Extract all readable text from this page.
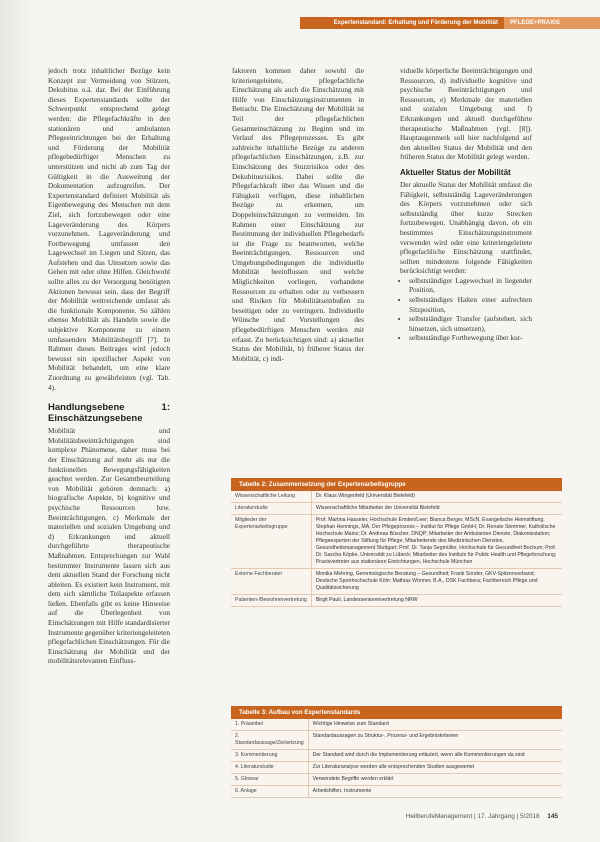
Expertenstandard: Erhaltung und Förderung der Mobilität	PFLEGE+PRAXIS

jedoch trotz inhaltlicher Bezüge kein Konzept zur Vermeidung von Stürzen, Dekubitus o.ä. dar. Bei der Einführung dieses Expertenstandards sollte der Schwerpunkt entsprechend gelegt werden: die Pflegefachkräfte in den stationären und ambulanten Pflegeeinrichtungen bei der Erhaltung und Förderung der Mobilität pflegebedürftiger Menschen zu unterstützen und nicht ab zum Tag der Gültigkeit in die Ausweitung der Dokumentation aufzugreifen. Der Expertenstandard definiert Mobilität als Eigenbewegung des Menschen mit dem Ziel, sich fortzubewegen oder eine Lageveränderung des Körpers vorzunehmen. Lageveränderung und Fortbewegung umfassen den Lagewechsel im Liegen und Sitzen, das Aufstehen und das Umsetzen sowie das Gehen mit oder ohne Hilfen. Gleichwohl sollte alles zu der Versorgung benötigten Aktionen bewusst sein, dass der Begriff der Mobilität weitreichende umfasst als die funktionale Komponente. So zählen ebenso Mobilität als Handeln sowie die subjektive Komponente zu einem umfassenden Mobilitätsbegriff [7]. In Rahmen dieses Beitrages wird jedoch bewusst ein spezifischer Aspekt von Mobilität behandelt, um eine klare Zuordnung zu gewährleisten (vgl. Tab. 4).

Handlungsebene 1: Einschätzungsebene

Mobilität und Mobilitätsbeeinträchtigungen sind komplexe Phänomene, daher muss bei der Einschätzung auf mehr als nur die funktionellen Bewegungsfähigkeiten geachtet werden. Zur Gesamtbeurteilung von Mobilität gehören demnach: a) biografische Aspekte, b) kognitive und psychische Ressourcen bzw. Beeinträchtigungen, c) Merkmale der materiellen und sozialen Umgebung und d) Erkrankungen und aktuell durchgeführte therapeutische Maßnahmen. Entsprechungen zur Wahl bestimmter Instrumente lassen sich aus dem aktuellen Stand der Forschung nicht ableiten. Es existiert kein Instrument, mit dem sich sämtliche Teilaspekte erfassen ließen. Ebenfalls gibt es keine Hinweise auf die Überlegenheit von Einschätzungen mit Hilfe standardisierter Instrumente gegenüber kriteriengeleiteten pflegefachlichen Einschätzungen. Für die Einschätzung der Mobilität und der mobilitätsrelevanten Einfluss-

faktoren kommen daher sowohl die kriteriengeleitete, pflegefachliche Einschätzung als auch die Einschätzung mit Hilfe von Einschätzungsinstrumenten in Betracht. Die Einschätzung der Mobilität ist Teil der pflegefachlichen Gesamteinschätzung zu Beginn und im Verlauf des Pflegeprozesses. Es gibt zahlreiche inhaltliche Bezüge zu anderen pflegefachlichen Einschätzungen, z.B. zur Einschätzung des Sturzrisikos oder des Dekubitusrisikos. Dabei sollte die Pflegefachkraft über das Wissen und die Fähigkeit verfügen, diese inhaltlichen Bezüge zu erkennen, um Doppeleinschätzungen zu vermeiden. Im Rahmen einer Einschätzung zur Bestimmung der individuellen Pflegebedarfs ist die Frage zu beantworten, welche Beeinträchtigungen, Ressourcen und Umgebungsbedingungen die individuelle Mobilität beeinflussen und welche Möglichkeiten vorliegen, vorhandene Ressourcen zu erhalten oder zu verbessern und Risiken für Mobilitätseinbußen zu beseitigen oder zu verringern. Individuelle Wünsche und Vorstellungen des pflegebedürftigen Menschen werden mit erfasst. Zu berücksichtigen sind: a) aktueller Status der Mobilität, b) früherer Status der Mobilität, c) indi-

viduelle körperliche Beeinträchtigungen und Ressourcen, d) individuelle kognitive und psychische Beeinträchtigungen und Ressourcen, e) Merkmale der materiellen und sozialen Umgebung und f) Erkrankungen und aktuell durchgeführte therapeutische Maßnahmen (vgl. [8]). Hauptaugenmerk soll hier nachfolgend auf den aktuellen Status der Mobilität und den früheren Status der Mobilität gelegt werden.

Aktueller Status der Mobilität

Der aktuelle Status der Mobilität umfasst die Fähigkeit, selbstständig Lageveränderungen des Körpers vorzunehmen oder sich selbstständig über kurze Strecken fortzubewegen. Unabhängig davon, ob ein bestimmtes Einschätzungsinstrument verwendet wird oder eine kriteriengeleitete pflegefachliche Einschätzung stattfindet, sollten mindestens folgende Fähigkeiten berücksichtigt werden:

• selbstständiger Lagewechsel in liegender Position,
• selbstständiges Halten einer aufrechten Sitzposition,
• selbstständiger Transfer (aufstehen, sich hinsetzen, sich umsetzen),
• selbstständige Fortbewegung über kur-
Tabelle 2: Zusammensetzung der Expertenarbeitsgruppe
Wissenschaftliche Leitung	Dr. Klaus Wingenfeld (Universität Bielefeld)
Literaturstudie	Wissenschaftliche Mitarbeiter der Universität Bielefeld
Mitglieder der Expertenarbeitsgruppe	Prof. Martina Hasseler, Hochschule Emden/Leer; Bianca Berger, MScN, Evangelische Heimstiftung; Stephan Hennings, MA, Der Pflegeprozess – Institut für Pflege GmbH; Dr. Renate Stemmer, Katholische Hochschule Mainz; Dr. Andreas Büscher, DNQP; Mitarbeiter der Ambulanten Dienste, Diakoniestation; Pflegeexperten der Stiftung für Pflege; Mitarbeitende des Medizinischen Dienstes, Gesundheitsmanagement Stuttgart; Prof. Dr. Tanja Segmüller, Hochschule für Gesundheit Bochum; Prof. Dr. Sascha Köpke, Universität zu Lübeck; Mitarbeiter des Instituts für Public Health und Pflegeforschung; Praxisvertreter aus stationären Einrichtungen, Hochschule München
Externe Fachberater	Monika Mehring, Gerontologische Beratung – Gesundheit; Frank Sonder, GKV-Spitzenverband; Deutsche Sporthochschule Köln; Mathias Wörmer, B.A., DSK Fachbera; Fachbereich Pflege und Qualitätssicherung
Patienten-/Bewohnervertretung	Birgit Pauli, Landesseniorenvertretung NRW
Tabelle 3: Aufbau von Expertenstandards
1. Präambel	Wichtige Hinweise zum Standard
2. Standardaussage/Zielsetzung	Standardaussagen zu Struktur-, Prozess- und Ergebniskriterien
3. Kommentierung	Der Standard wird durch die Implementierung erläutert, wenn alle Kommentierungen da sind
4. Literaturstudie	Zur Literaturanalyse werden alle entsprechenden Studien ausgewertet
5. Glossar	Verwendete Begriffe werden erklärt
6. Anlage	Arbeitshilfen, Instrumente
HeilberufeManagement | 17. Jahrgang | 5/2018 145
